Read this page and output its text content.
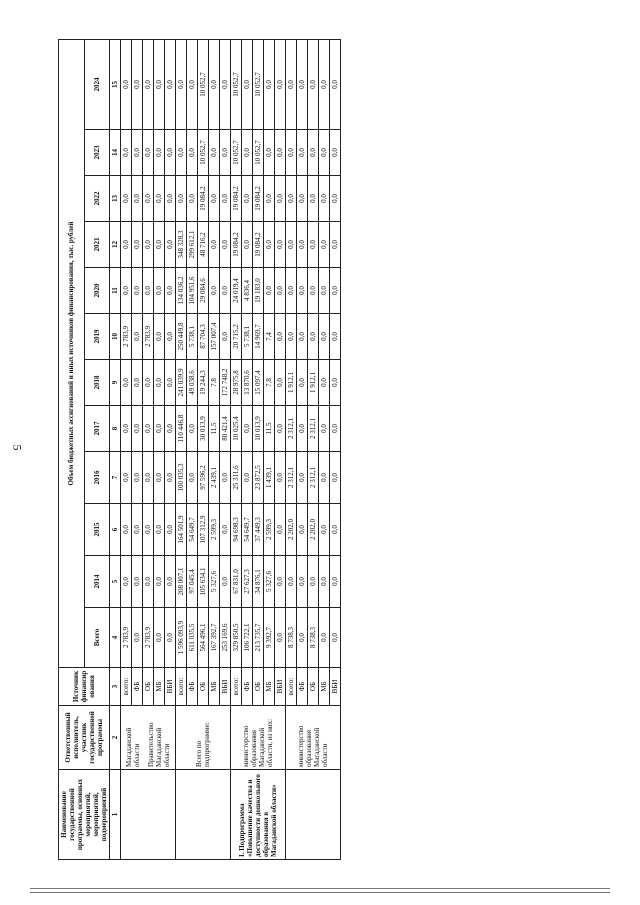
5
Наименование государственной программы, основных мероприятий, мероприятий, подмероприятий	Ответственный исполнитель, участник государственной программы	Источник финансирования	Объем бюджетных ассигнований и иных источников финансирования, тыс. рублей											
			Всего	2014	2015	2016	2017	2018	2019	2020	2021	2022	2023	2024
1	2	3	4	5	6	7	8	9	10	11	12	13	14	15

	Магаданской области Правительство Магаданской области	всего:	2 783,9	0,0	0,0	0,0	0,0	0,0	2 783,9	0,0	0,0	0,0	0,0	0,0
		ФБ	0,0	0,0	0,0	0,0	0,0	0,0	0,0	0,0	0,0	0,0	0,0	0,0
		ОБ	2 783,9	0,0	0,0	0,0	0,0	0,0	2 783,9	0,0	0,0	0,0	0,0	0,0
		МБ	0,0	0,0	0,0	0,0	0,0	0,0	0,0	0,0	0,0	0,0	0,0	0,0
		ВБИ	0,0	0,0	0,0	0,0	0,0	0,0	0,0	0,0	0,0	0,0	0,0	0,0
	Всего по подпрограмме:	всего:	1 596 093,9	208 007,1	164 501,9	100 035,3	110 446,8	241 039,9	250 449,8	134 036,2	348 328,3	0,0	0,0	0,0
		ФБ	611 035,5	97 045,4	54 649,7	0,0	0,0	49 038,6	5 738,1	104 951,6	299 612,1	0,0	0,0	0,0
		ОБ	564 496,1	105 634,1	107 312,9	97 596,2	30 013,9	19 244,3	87 704,3	29 084,6	48 716,2	19 084,2	10 052,7	10 052,7
		МБ	167 392,7	5 327,6	2 599,3	2 439,1	11,5	7,8	157 007,4	0,0	0,0	0,0	0,0	0,0
		ВБИ	253 169,6	0,0	0,0	0,0	80 421,4	172 748,2	0,0	0,0	0,0	0,0	0,0	0,0
I. Подпрограмма «Повышение качества и доступности дошкольного образования в Магаданской области»	министерство образования Магаданской области, из них:	всего:	329 850,5	67 831,0	94 698,3	25 311,6	10 025,4	28 975,8	20 715,2	24 019,4	19 084,2	19 084,2	10 052,7	10 052,7
		ФБ	106 722,1	27 627,3	54 649,7	0,0	0,0	13 870,6	5 738,1	4 836,4	0,0	0,0	0,0	0,0
		ОБ	213 735,7	34 876,1	37 449,3	23 872,5	10 013,9	15 097,4	14 969,7	19 183,0	19 084,2	19 084,2	10 052,7	10 052,7
		МБ	9 392,7	5 327,6	2 599,3	1 439,1	11,5	7,8	7,4	0,0	0,0	0,0	0,0	0,0
		ВБИ	0,0	0,0	0,0	0,0	0,0	0,0	0,0	0,0	0,0	0,0	0,0	0,0
	министерство образования Магаданской области	всего:	8 738,3	0,0	2 202,0	2 312,1	2 312,1	1 912,1	0,0	0,0	0,0	0,0	0,0	0,0
		ФБ	0,0	0,0	0,0	0,0	0,0	0,0	0,0	0,0	0,0	0,0	0,0	0,0
		ОБ	8 738,3	0,0	2 202,0	2 312,1	2 312,1	1 912,1	0,0	0,0	0,0	0,0	0,0	0,0
		МБ	0,0	0,0	0,0	0,0	0,0	0,0	0,0	0,0	0,0	0,0	0,0	0,0
		ВБИ	0,0	0,0	0,0	0,0	0,0	0,0	0,0	0,0	0,0	0,0	0,0	0,0
